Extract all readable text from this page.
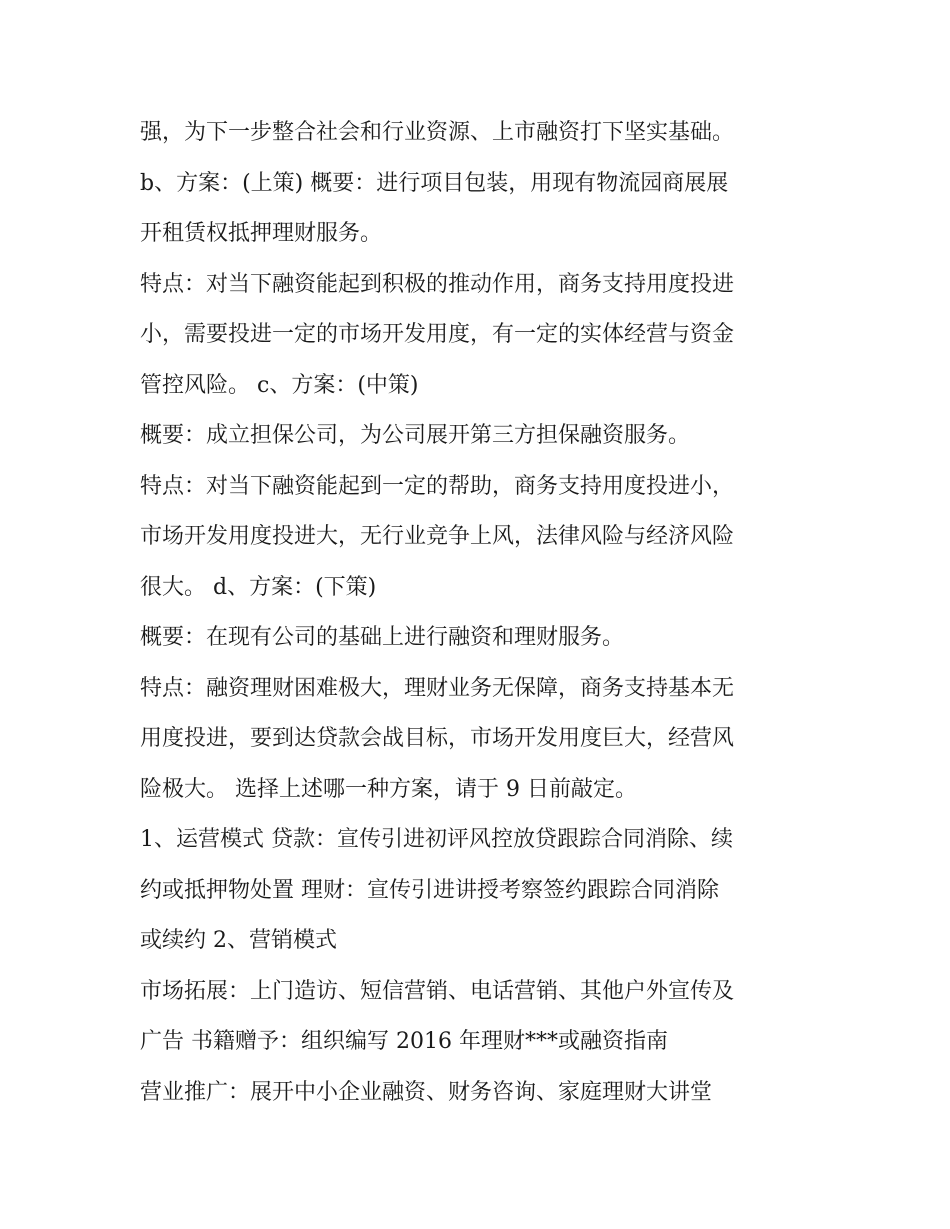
强，为下一步整合社会和行业资源、上市融资打下坚实基础。
b、方案：(上策) 概要：进行项目包装，用现有物流园商展展
开租赁权抵押理财服务。
特点：对当下融资能起到积极的推动作用，商务支持用度投进
小，需要投进一定的市场开发用度，有一定的实体经营与资金
管控风险。 c、方案：(中策)
概要：成立担保公司，为公司展开第三方担保融资服务。
特点：对当下融资能起到一定的帮助，商务支持用度投进小，
市场开发用度投进大，无行业竞争上风，法律风险与经济风险
很大。 d、方案：(下策)
概要：在现有公司的基础上进行融资和理财服务。
特点：融资理财困难极大，理财业务无保障，商务支持基本无
用度投进，要到达贷款会战目标，市场开发用度巨大，经营风
险极大。 选择上述哪一种方案，请于 9 日前敲定。
1、运营模式 贷款：宣传引进初评风控放贷跟踪合同消除、续
约或抵押物处置 理财：宣传引进讲授考察签约跟踪合同消除
或续约 2、营销模式
市场拓展：上门造访、短信营销、电话营销、其他户外宣传及
广告 书籍赠予：组织编写 2016 年理财***或融资指南
营业推广：展开中小企业融资、财务咨询、家庭理财大讲堂
